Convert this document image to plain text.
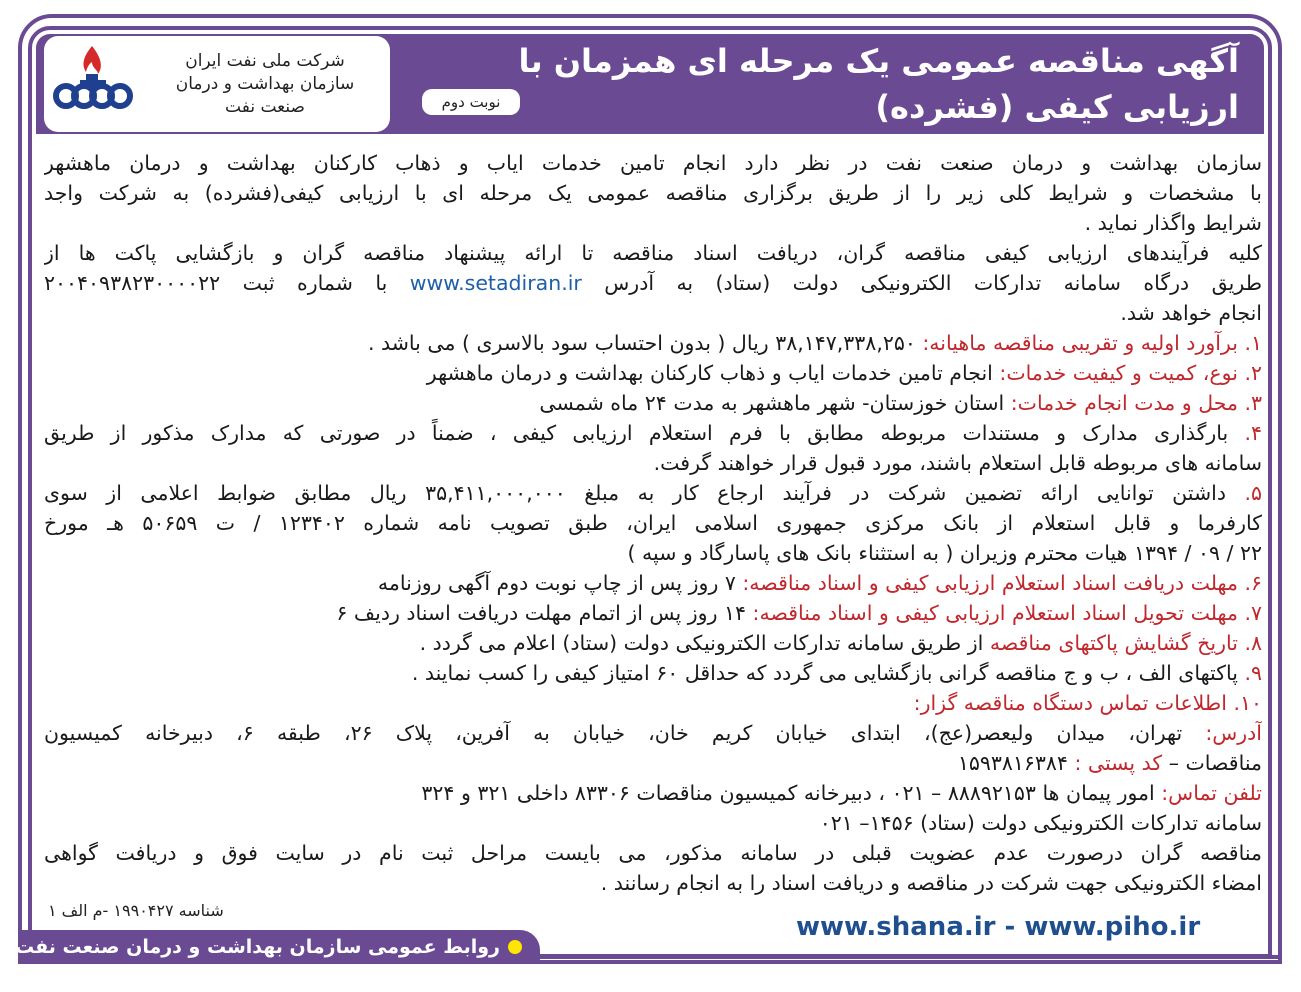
شرکت ملی نفت ایران
سازمان بهداشت و درمان
صنعت نفت	نوبت دوم
آگهی مناقصه عمومی یک مرحله ای همزمان با
ارزیابی کیفی (فشرده)
سازمان بهداشت و درمان صنعت نفت در نظر دارد انجام تامین خدمات ایاب و ذهاب کارکنان بهداشت و درمان ماهشهر
با مشخصات و شرایط کلی زیر را از طریق برگزاری مناقصه عمومی یک مرحله ای با ارزیابی کیفی(فشرده) به شرکت واجد
شرایط واگذار نماید .
کلیه فرآیندهای ارزیابی کیفی مناقصه گران، دریافت اسناد مناقصه تا ارائه پیشنهاد مناقصه گران و بازگشایی پاکت ها از
طریق درگاه سامانه تدارکات الکترونیکی دولت (ستاد) به آدرس www.setadiran.ir با شماره ثبت ۲۰۰۴۰۹۳۸۲۳۰۰۰۰۲۲
انجام خواهد شد.
۱. برآورد اولیه و تقریبی مناقصه ماهیانه: ۳۸,۱۴۷,۳۳۸,۲۵۰ ریال ( بدون احتساب سود بالاسری ) می باشد .
۲. نوع، کمیت و کیفیت خدمات: انجام تامین خدمات ایاب و ذهاب کارکنان بهداشت و درمان ماهشهر
۳. محل و مدت انجام خدمات: استان خوزستان- شهر ماهشهر به مدت ۲۴ ماه شمسی
۴. بارگذاری مدارک و مستندات مربوطه مطابق با فرم استعلام ارزیابی کیفی ، ضمناً در صورتی که مدارک مذکور از طریق
سامانه های مربوطه قابل استعلام باشند، مورد قبول قرار خواهند گرفت.
۵. داشتن توانایی ارائه تضمین شرکت در فرآیند ارجاع کار به مبلغ ۳۵,۴۱۱,۰۰۰,۰۰۰ ریال مطابق ضوابط اعلامی از سوی
کارفرما و قابل استعلام از بانک مرکزی جمهوری اسلامی ایران، طبق تصویب نامه شماره ۱۲۳۴۰۲ / ت ۵۰۶۵۹ هـ مورخ
۲۲ / ۰۹ / ۱۳۹۴ هیات محترم وزیران ( به استثناء بانک های پاسارگاد و سپه )
۶. مهلت دریافت اسناد استعلام ارزیابی کیفی و اسناد مناقصه: ۷ روز پس از چاپ نوبت دوم آگهی روزنامه
۷. مهلت تحویل اسناد استعلام ارزیابی کیفی و اسناد مناقصه: ۱۴ روز پس از اتمام مهلت دریافت اسناد ردیف ۶
۸. تاریخ گشایش پاکتهای مناقصه از طریق سامانه تدارکات الکترونیکی دولت (ستاد) اعلام می گردد .
۹. پاکتهای الف ، ب و ج مناقصه گرانی بازگشایی می گردد که حداقل ۶۰ امتیاز کیفی را کسب نمایند .
۱۰. اطلاعات تماس دستگاه مناقصه گزار:
آدرس: تهران، میدان ولیعصر(عج)، ابتدای خیابان کریم خان، خیابان به آفرین، پلاک ۲۶، طبقه ۶، دبیرخانه کمیسیون
مناقصات – کد پستی : ۱۵۹۳۸۱۶۳۸۴
تلفن تماس: امور پیمان ها ۸۸۸۹۲۱۵۳ – ۰۲۱ ، دبیرخانه کمیسیون مناقصات ۸۳۳۰۶ داخلی ۳۲۱ و ۳۲۴
سامانه تدارکات الکترونیکی دولت (ستاد) ۱۴۵۶– ۰۲۱
مناقصه گران درصورت عدم عضویت قبلی در سامانه مذکور، می بایست مراحل ثبت نام در سایت فوق و دریافت گواهی
امضاء الکترونیکی جهت شرکت در مناقصه و دریافت اسناد را به انجام رسانند .
شناسه ۱۹۹۰۴۲۷ -م الف ۱
www.shana.ir - www.piho.ir
روابط عمومی سازمان بهداشت و درمان صنعت نفت
